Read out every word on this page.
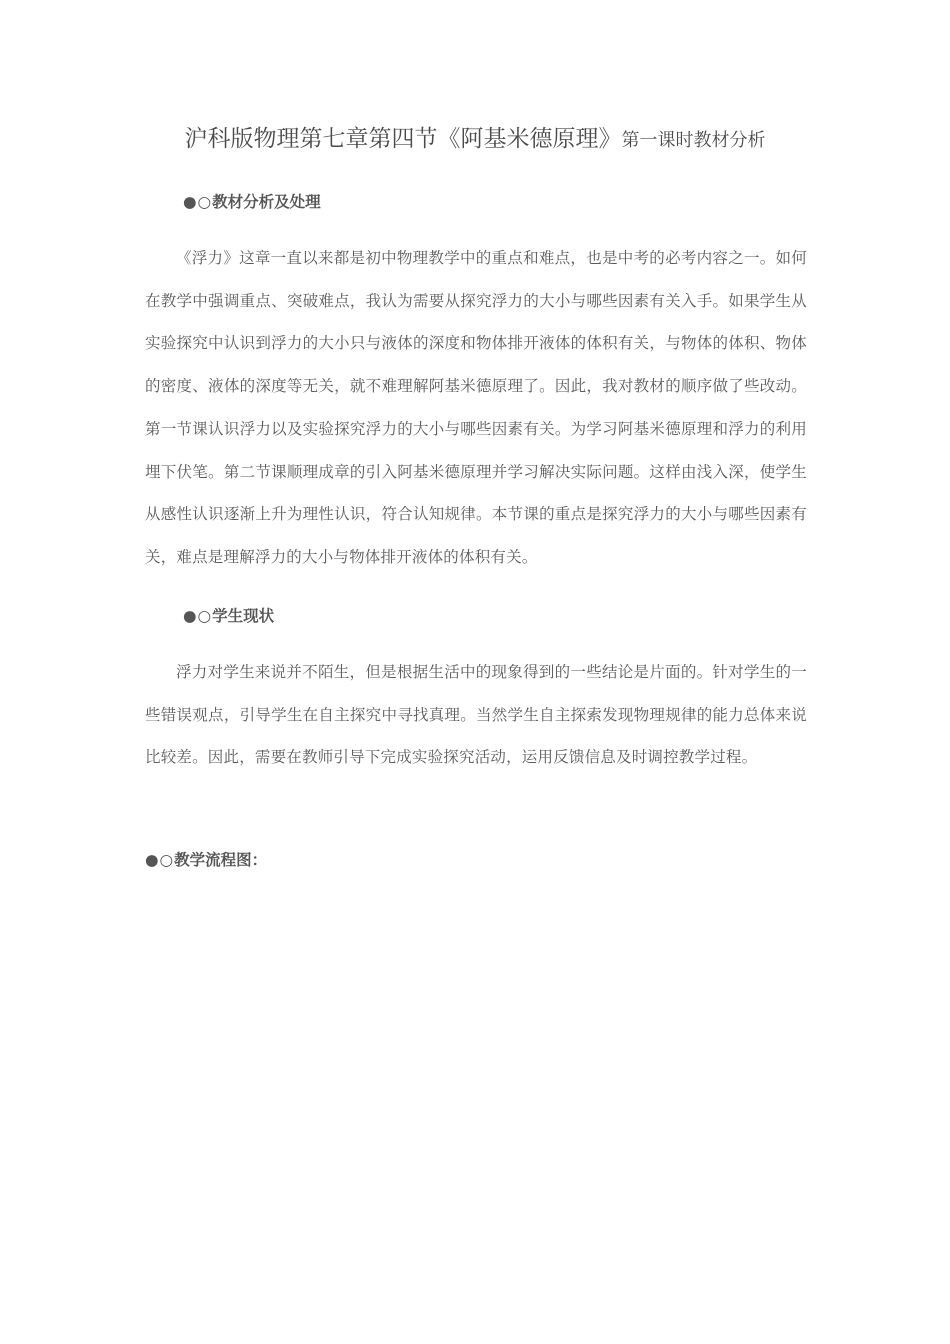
沪科版物理第七章第四节《阿基米德原理》第一课时教材分析
●○教材分析及处理
《浮力》这章一直以来都是初中物理教学中的重点和难点，也是中考的必考内容之一。如何在教学中强调重点、突破难点，我认为需要从探究浮力的大小与哪些因素有关入手。如果学生从实验探究中认识到浮力的大小只与液体的深度和物体排开液体的体积有关，与物体的体积、物体的密度、液体的深度等无关，就不难理解阿基米德原理了。因此，我对教材的顺序做了些改动。第一节课认识浮力以及实验探究浮力的大小与哪些因素有关。为学习阿基米德原理和浮力的利用埋下伏笔。第二节课顺理成章的引入阿基米德原理并学习解决实际问题。这样由浅入深，使学生从感性认识逐渐上升为理性认识，符合认知规律。本节课的重点是探究浮力的大小与哪些因素有关，难点是理解浮力的大小与物体排开液体的体积有关。
●○学生现状
浮力对学生来说并不陌生，但是根据生活中的现象得到的一些结论是片面的。针对学生的一些错误观点，引导学生在自主探究中寻找真理。当然学生自主探索发现物理规律的能力总体来说比较差。因此，需要在教师引导下完成实验探究活动，运用反馈信息及时调控教学过程。
●○教学流程图：
